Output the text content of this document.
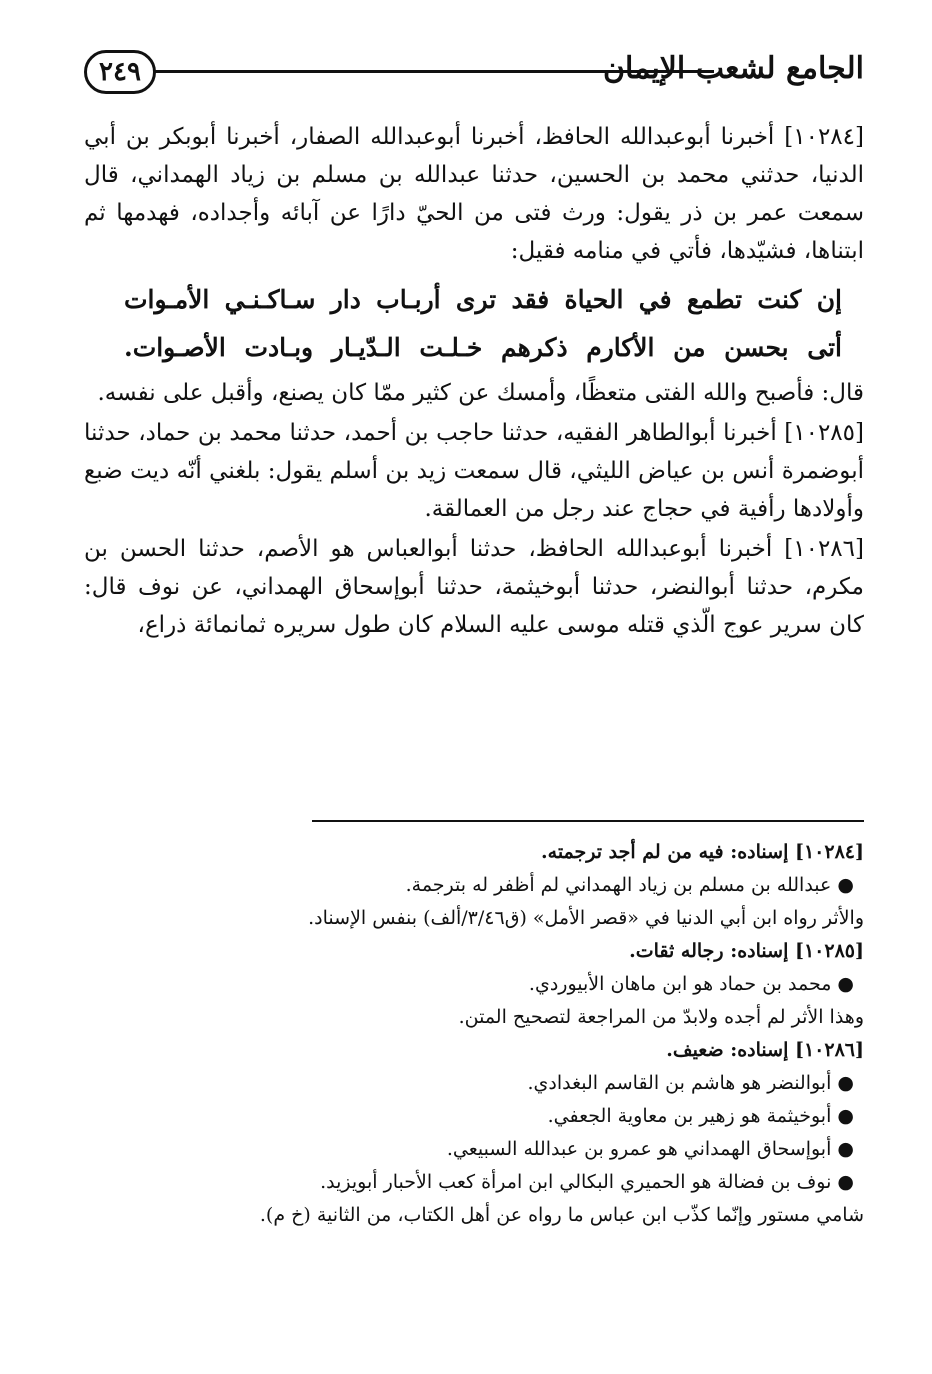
٢٤٩	الجامع لشعب الإيمان

[١٠٢٨٤] أخبرنا أبوعبدالله الحافظ، أخبرنا أبوعبدالله الصفار، أخبرنا أبوبكر بن أبي الدنيا، حدثني محمد بن الحسين، حدثنا عبدالله بن مسلم بن زياد الهمداني، قال سمعت عمر بن ذر يقول: ورث فتى من الحيّ دارًا عن آبائه وأجداده، فهدمها ثم ابتناها، فشيّدها، فأتي في منامه فقيل:

إن كنت تطمع في الحياة فقد ترى أربـاب دار سـاكـنـي الأمـوات
أتى بحسن من الأكارم ذكرهم خـلـت الـدّيـار وبـادت الأصـوات.

قال: فأصبح والله الفتى متعظًا، وأمسك عن كثير ممّا كان يصنع، وأقبل على نفسه.

[١٠٢٨٥] أخبرنا أبوالطاهر الفقيه، حدثنا حاجب بن أحمد، حدثنا محمد بن حماد، حدثنا أبوضمرة أنس بن عياض الليثي، قال سمعت زيد بن أسلم يقول: بلغني أنّه ديت ضبع وأولادها رأفية في حجاج عند رجل من العمالقة.

[١٠٢٨٦] أخبرنا أبوعبدالله الحافظ، حدثنا أبوالعباس هو الأصم، حدثنا الحسن بن مكرم، حدثنا أبوالنضر، حدثنا أبوخيثمة، حدثنا أبوإسحاق الهمداني، عن نوف قال: كان سرير عوج الّذي قتله موسى عليه السلام كان طول سريره ثمانمائة ذراع،

[١٠٢٨٤] إسناده: فيه من لم أجد ترجمته.

● عبدالله بن مسلم بن زياد الهمداني لم أظفر له بترجمة.

والأثر رواه ابن أبي الدنيا في «قصر الأمل» (ق٣/٤٦/ألف) بنفس الإسناد.

[١٠٢٨٥] إسناده: رجاله ثقات.

● محمد بن حماد هو ابن ماهان الأبيوردي.

وهذا الأثر لم أجده ولابدّ من المراجعة لتصحيح المتن.

[١٠٢٨٦] إسناده: ضعيف.

● أبوالنضر هو هاشم بن القاسم البغدادي.

● أبوخيثمة هو زهير بن معاوية الجعفي.

● أبوإسحاق الهمداني هو عمرو بن عبدالله السبيعي.

● نوف بن فضالة هو الحميري البكالي ابن امرأة كعب الأحبار أبويزيد.

شامي مستور وإنّما كذّب ابن عباس ما رواه عن أهل الكتاب، من الثانية (خ م).
